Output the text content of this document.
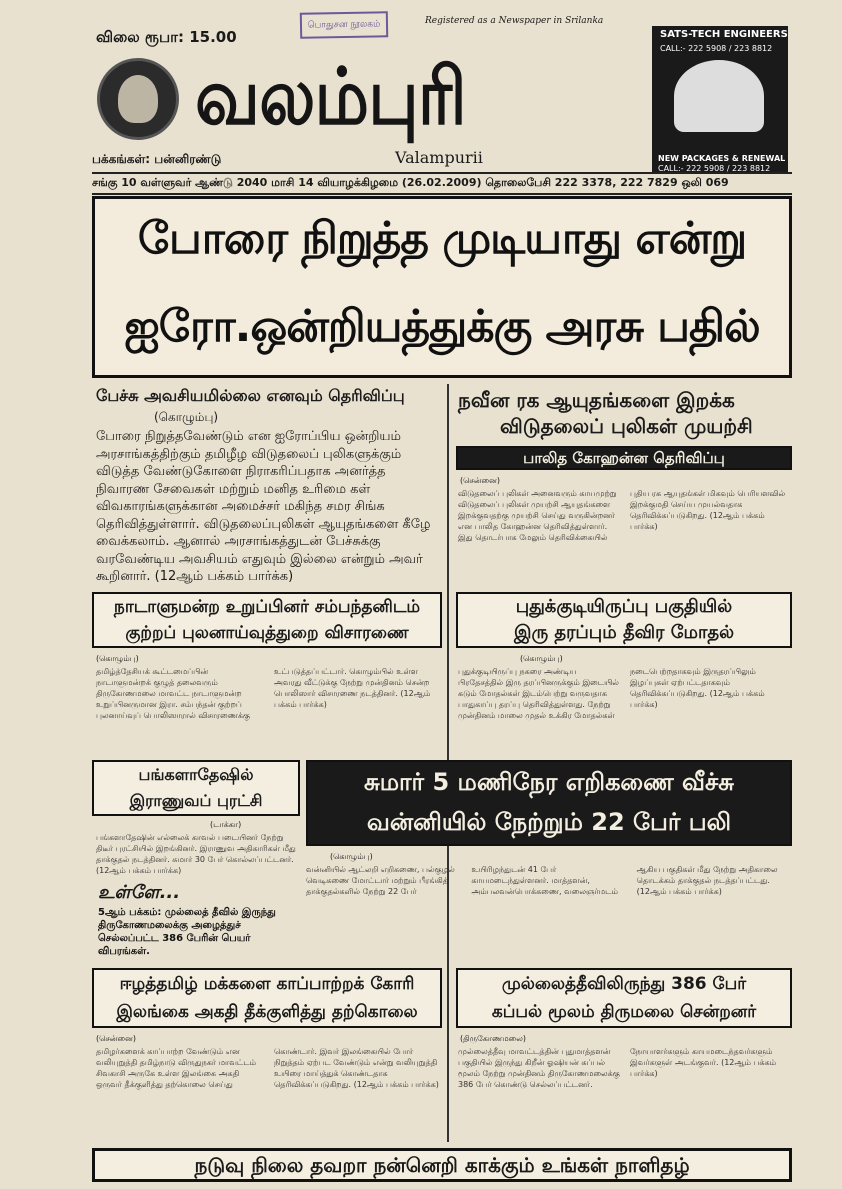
விலை ரூபா: 15.00
பொதுசன நூலகம்	Registered as a Newspaper in Srilanka
வலம்புரி
Valampurii
பக்கங்கள்: பன்னிரண்டு
SATS-TECH ENGINEERS
CALL:- 222 5908 / 223 8812
NEW PACKAGES & RENEWAL
CALL:- 222 5908 / 223 8812
சங்கு 10 வள்ளுவர் ஆண்டு 2040 மாசி 14 வியாழக்கிழமை (26.02.2009) தொலைபேசி 222 3378, 222 7829 ஒலி 069
போரை நிறுத்த முடியாது என்று
ஐரோ.ஒன்றியத்துக்கு அரசு பதில்
பேச்சு அவசியமில்லை எனவும் தெரிவிப்பு
(கொழும்பு)
போரை நிறுத்தவேண்டும் என ஐரோப்பிய ஒன்றியம் அரசாங்கத்திற்கும் தமிழீழ விடுதலைப் புலிகளுக்கும் விடுத்த வேண்டுகோளை நிராகரிப்பதாக அனர்த்த நிவாரண சேவைகள் மற்றும் மனித உரிமை கள் விவகாரங்களுக்கான அமைச்சர் மகிந்த சமர சிங்க தெரிவித்துள்ளார். விடுதலைப்புலிகள் ஆயுதங்களை கீழே வைக்கலாம். ஆனால் அரசாங்கத்துடன் பேச்சுக்கு வரவேண்டிய அவசியம் எதுவும் இல்லை என்றும் அவர் கூறினார். (12ஆம் பக்கம் பார்க்க)
நவீன ரக ஆயுதங்களை இறக்க
விடுதலைப் புலிகள் முயற்சி
பாலித கோஹன்ன தெரிவிப்பு
(சென்னை)
விடுதலைப் புலிகள் அனைவரும் காயமுற்று விடுதலைப் புலிகள் முயற்சி ஆயுதங்களை இறக்குவதற்கு முயற்சி செய்து வருகின்றனர் என பாலித கோஹன்ன தெரிவித்துள்ளார். இது தொடர்பாக மேலும் தெரிவிக்கையில் புதிய ரக ஆயுதங்கள் மிகவும் பெரியளவில் இறக்குமதி செய்ய முயல்வதாக தெரிவிக்கப்படுகிறது. (12ஆம் பக்கம் பார்க்க)
நாடாளுமன்ற உறுப்பினர் சம்பந்தனிடம்
குற்றப் புலனாய்வுத்துறை விசாரணை
(கொழும்பு)
தமிழ்த்தேசியக் கூட்டமைப்பின் நாடாளுமன்றக் குழுத் தலைவரும் திருகோணமலை மாவட்ட நாடாளுமன்ற உறுப்பினருமான இரா. சம்பந்தன் குற்றப் புலனாய்வுப் பொலிஸாரால் விசாரணைக்கு உட்படுத்தப்பட்டார். கொழும்பில் உள்ள அவரது வீட்டுக்கு நேற்று முன்தினம் சென்ற பொலிஸார் விசாரணை நடத்தினர். (12ஆம் பக்கம் பார்க்க)
புதுக்குடியிருப்பு பகுதியில்
இரு தரப்பும் தீவிர மோதல்
(கொழும்பு)
புதுக்குடியிருப்பு நகரை அண்டிய பிரதேசத்தில் இரு தரப்பினருக்கும் இடையில் கடும் மோதல்கள் இடம்பெற்று வருவதாக பாதுகாப்பு தரப்பு தெரிவித்துள்ளது. நேற்று முன்தினம் மாலை முதல் உக்கிர மோதல்கள் நடைபெற்றதாகவும் இருதரப்பிலும் இழப்புகள் ஏற்பட்டதாகவும் தெரிவிக்கப்படுகிறது. (12ஆம் பக்கம் பார்க்க)
பங்களாதேஷில்
இராணுவப் புரட்சி
(டாக்கா)
பங்களாதேஷின் எல்லைக் காவல் படையினர் நேற்று திடீர் புரட்சியில் இறங்கினர். இராணுவ அதிகாரிகள் மீது தாக்குதல் நடத்தினர். சுமார் 30 பேர் கொல்லப்பட்டனர். (12ஆம் பக்கம் பார்க்க)
உள்ளே...
5ஆம் பக்கம்: முல்லைத் தீவில் இருந்து திருகோணமலைக்கு அழைத்துச் செல்லப்பட்ட 386 பேரின் பெயர் விபரங்கள்.
சுமார் 5 மணிநேர எறிகணை வீச்சு
வன்னியில் நேற்றும் 22 பேர் பலி
(கொழும்பு)
வன்னியில் ஆட்லறி எறிகணை, பல்குழல் வெடிகணை மோட்டார் மற்றும் பீரங்கித் தாக்குதல்களில் நேற்று 22 பேர் உயிரிழந்துடன் 41 பேர் காயமடைந்துள்ளனர். மாத்தளன், அம்பலவன்பொக்கணை, வலைஞர்மடம் ஆகிய பகுதிகள் மீது நேற்று அதிகாலை தொடக்கம் தாக்குதல் நடத்தப்பட்டது. (12ஆம் பக்கம் பார்க்க)
ஈழத்தமிழ் மக்களை காப்பாற்றக் கோரி
இலங்கை அகதி தீக்குளித்து தற்கொலை
(சென்னை)
தமிழர்களைக் காப்பாற்ற வேண்டும் என வலியுறுத்தி தமிழ்நாடு விருதுநகர் மாவட்டம் சிவகாசி அருகே உள்ள இலங்கை அகதி ஒருவர் தீக்குளித்து தற்கொலை செய்து கொண்டார். இவர் இலங்கையில் போர் நிறுத்தம் ஏற்பட வேண்டும் என்று வலியுறுத்தி உயிரை மாய்த்துக் கொண்டதாக தெரிவிக்கப்படுகிறது. (12ஆம் பக்கம் பார்க்க)
முல்லைத்தீவிலிருந்து 386 பேர்
கப்பல் மூலம் திருமலை சென்றனர்
(திருகோணமலை)
முல்லைத்தீவு மாவட்டத்தின் புதுமாத்தளன் பகுதியில் இருந்து கிறீன் ஓஷியன் கப்பல் மூலம் நேற்று முன்தினம் திருகோணமலைக்கு 386 பேர் கொண்டு செல்லப்பட்டனர். நோயாளர்களும் காயமடைந்தவர்களும் இவர்களுள் அடங்குவர். (12ஆம் பக்கம் பார்க்க)
நடுவு நிலை தவறா நன்னெறி காக்கும் உங்கள் நாளிதழ்
